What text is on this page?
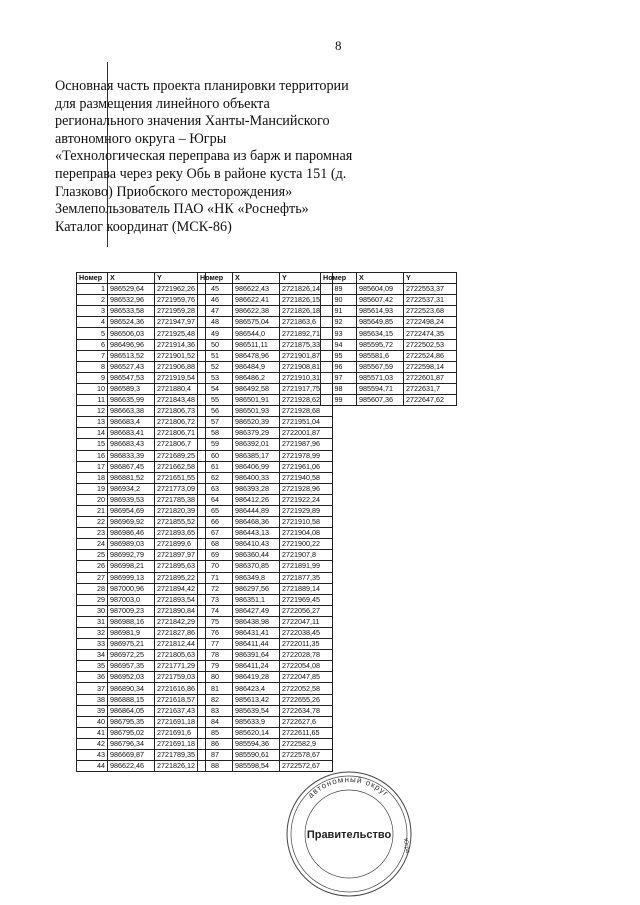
8
Основная часть проекта планировки территории
для размещения линейного объекта
регионального значения Ханты-Мансийского
автономного округа – Югры
«Технологическая переправа из барж и паромная
переправа через реку Обь в районе куста 151 (д.
Глазково) Приобского месторождения»
Землепользователь ПАО «НК «Роснефть»
Каталог координат (МСК-86)
Номер	X	Y
1	986529,64	2721962,26
2	986532,96	2721959,76
3	986533,58	2721959,28
4	986524,36	2721947,97
5	986506,03	2721925,48
6	986496,96	2721914,36
7	986513,52	2721901,52
8	986527,43	2721906,88
9	986547,53	2721919,54
10	986589,3	2721880,4
11	986635,99	2721843,48
12	986663,38	2721806,73
13	986683,4	2721806,72
14	986683,41	2721806,71
15	986683,43	2721806,7
16	986833,39	2721689,25
17	986867,45	2721662,58
18	986881,52	2721651,55
19	986934,2	2721773,09
20	986939,53	2721785,38
21	986954,69	2721820,39
22	986969,92	2721855,52
23	986986,46	2721893,65
24	986989,03	2721899,6
25	986992,79	2721897,97
26	986998,21	2721895,63
27	986999,13	2721895,22
28	987000,96	2721894,42
29	987003,0	2721893,54
30	987009,23	2721890,84
31	986988,16	2721842,29
32	986981,9	2721827,86
33	986975,21	2721812,44
34	986972,25	2721805,63
35	986957,35	2721771,29
36	986952,03	2721759,03
37	986890,34	2721616,86
38	986888,15	2721618,57
39	986864,05	2721637,43
40	986795,35	2721691,18
41	986795,02	2721691,6
42	986796,34	2721691,18
43	986669,87	2721789,35
44	986622,46	2721826,12
Номер	X	Y
45	986622,43	2721826,14
46	986622,41	2721826,15
47	986622,38	2721826,18
48	986575,04	2721863,6
49	986544,0	2721892,71
50	986511,11	2721875,33
51	986478,96	2721901,87
52	986484,9	2721908,81
53	986486,2	2721910,31
54	986492,58	2721917,75
55	986501,91	2721928,62
56	986501,93	2721928,68
57	986520,39	2721951,04
58	986379,29	2722001,87
59	986392,01	2721987,96
60	986385,17	2721978,99
61	986406,99	2721961,06
62	986400,33	2721940,58
63	986393,28	2721928,96
64	986412,26	2721922,24
65	986444,89	2721929,89
66	986468,36	2721910,58
67	986443,13	2721904,08
68	986410,43	2721900,22
69	986360,44	2721907,8
70	986370,85	2721891,99
71	986349,8	2721877,35
72	986297,56	2721889,14
73	986351,1	2721969,45
74	986427,49	2722056,27
75	986438,98	2722047,11
76	986431,41	2722038,45
77	986411,44	2722011,35
78	986391,64	2722028,78
79	986411,24	2722054,08
80	986419,28	2722047,85
81	986423,4	2722052,58
82	985613,42	2722655,26
83	985639,54	2722634,78
84	985633,9	2722627,6
85	985620,14	2722611,65
86	985594,36	2722582,9
87	985590,61	2722578,67
88	985598,54	2722572,67
Номер	X	Y
89	985604,09	2722553,37
90	985607,42	2722537,31
91	985614,93	2722523,68
92	985649,85	2722498,24
93	985634,15	2722474,35
94	985595,72	2722502,53
95	985581,6	2722524,86
96	985567,59	2722598,14
97	985571,03	2722601,87
98	985594,71	2722631,7
99	985607,36	2722647,62
автономный округ
Правительство
Югра
